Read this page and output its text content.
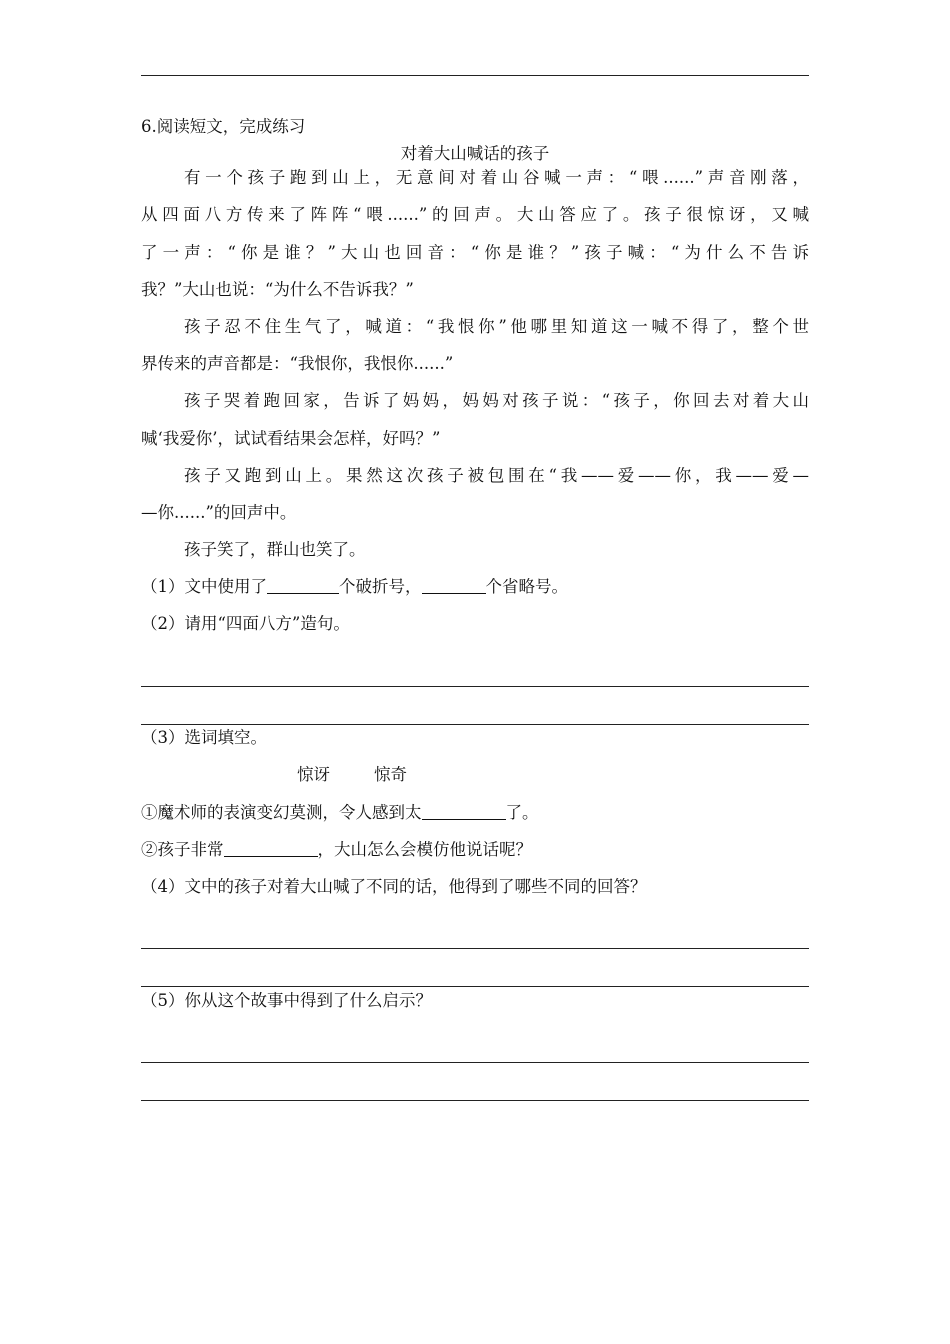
6.阅读短文，完成练习
对着大山喊话的孩子
有一个孩子跑到山上，无意间对着山谷喊一声：“喂......”声音刚落，
从四面八方传来了阵阵“喂......”的回声。大山答应了。孩子很惊讶，又喊
了一声：“你是谁？”大山也回音：“你是谁？”孩子喊：“为什么不告诉
我？”大山也说：“为什么不告诉我？”
孩子忍不住生气了，喊道：“我恨你”他哪里知道这一喊不得了，整个世
界传来的声音都是：“我恨你，我恨你......”
孩子哭着跑回家，告诉了妈妈，妈妈对孩子说：“孩子，你回去对着大山
喊‘我爱你’，试试看结果会怎样，好吗？”
孩子又跑到山上。果然这次孩子被包围在“我——爱——你，我——爱—
—你......”的回声中。
孩子笑了，群山也笑了。
（1）文中使用了	个破折号，	个省略号。
（2）请用“四面八方”造句。
（3）选词填空。
惊讶	惊奇
①魔术师的表演变幻莫测，令人感到太	了。
②孩子非常	，大山怎么会模仿他说话呢？
（4）文中的孩子对着大山喊了不同的话，他得到了哪些不同的回答？
（5）你从这个故事中得到了什么启示？
